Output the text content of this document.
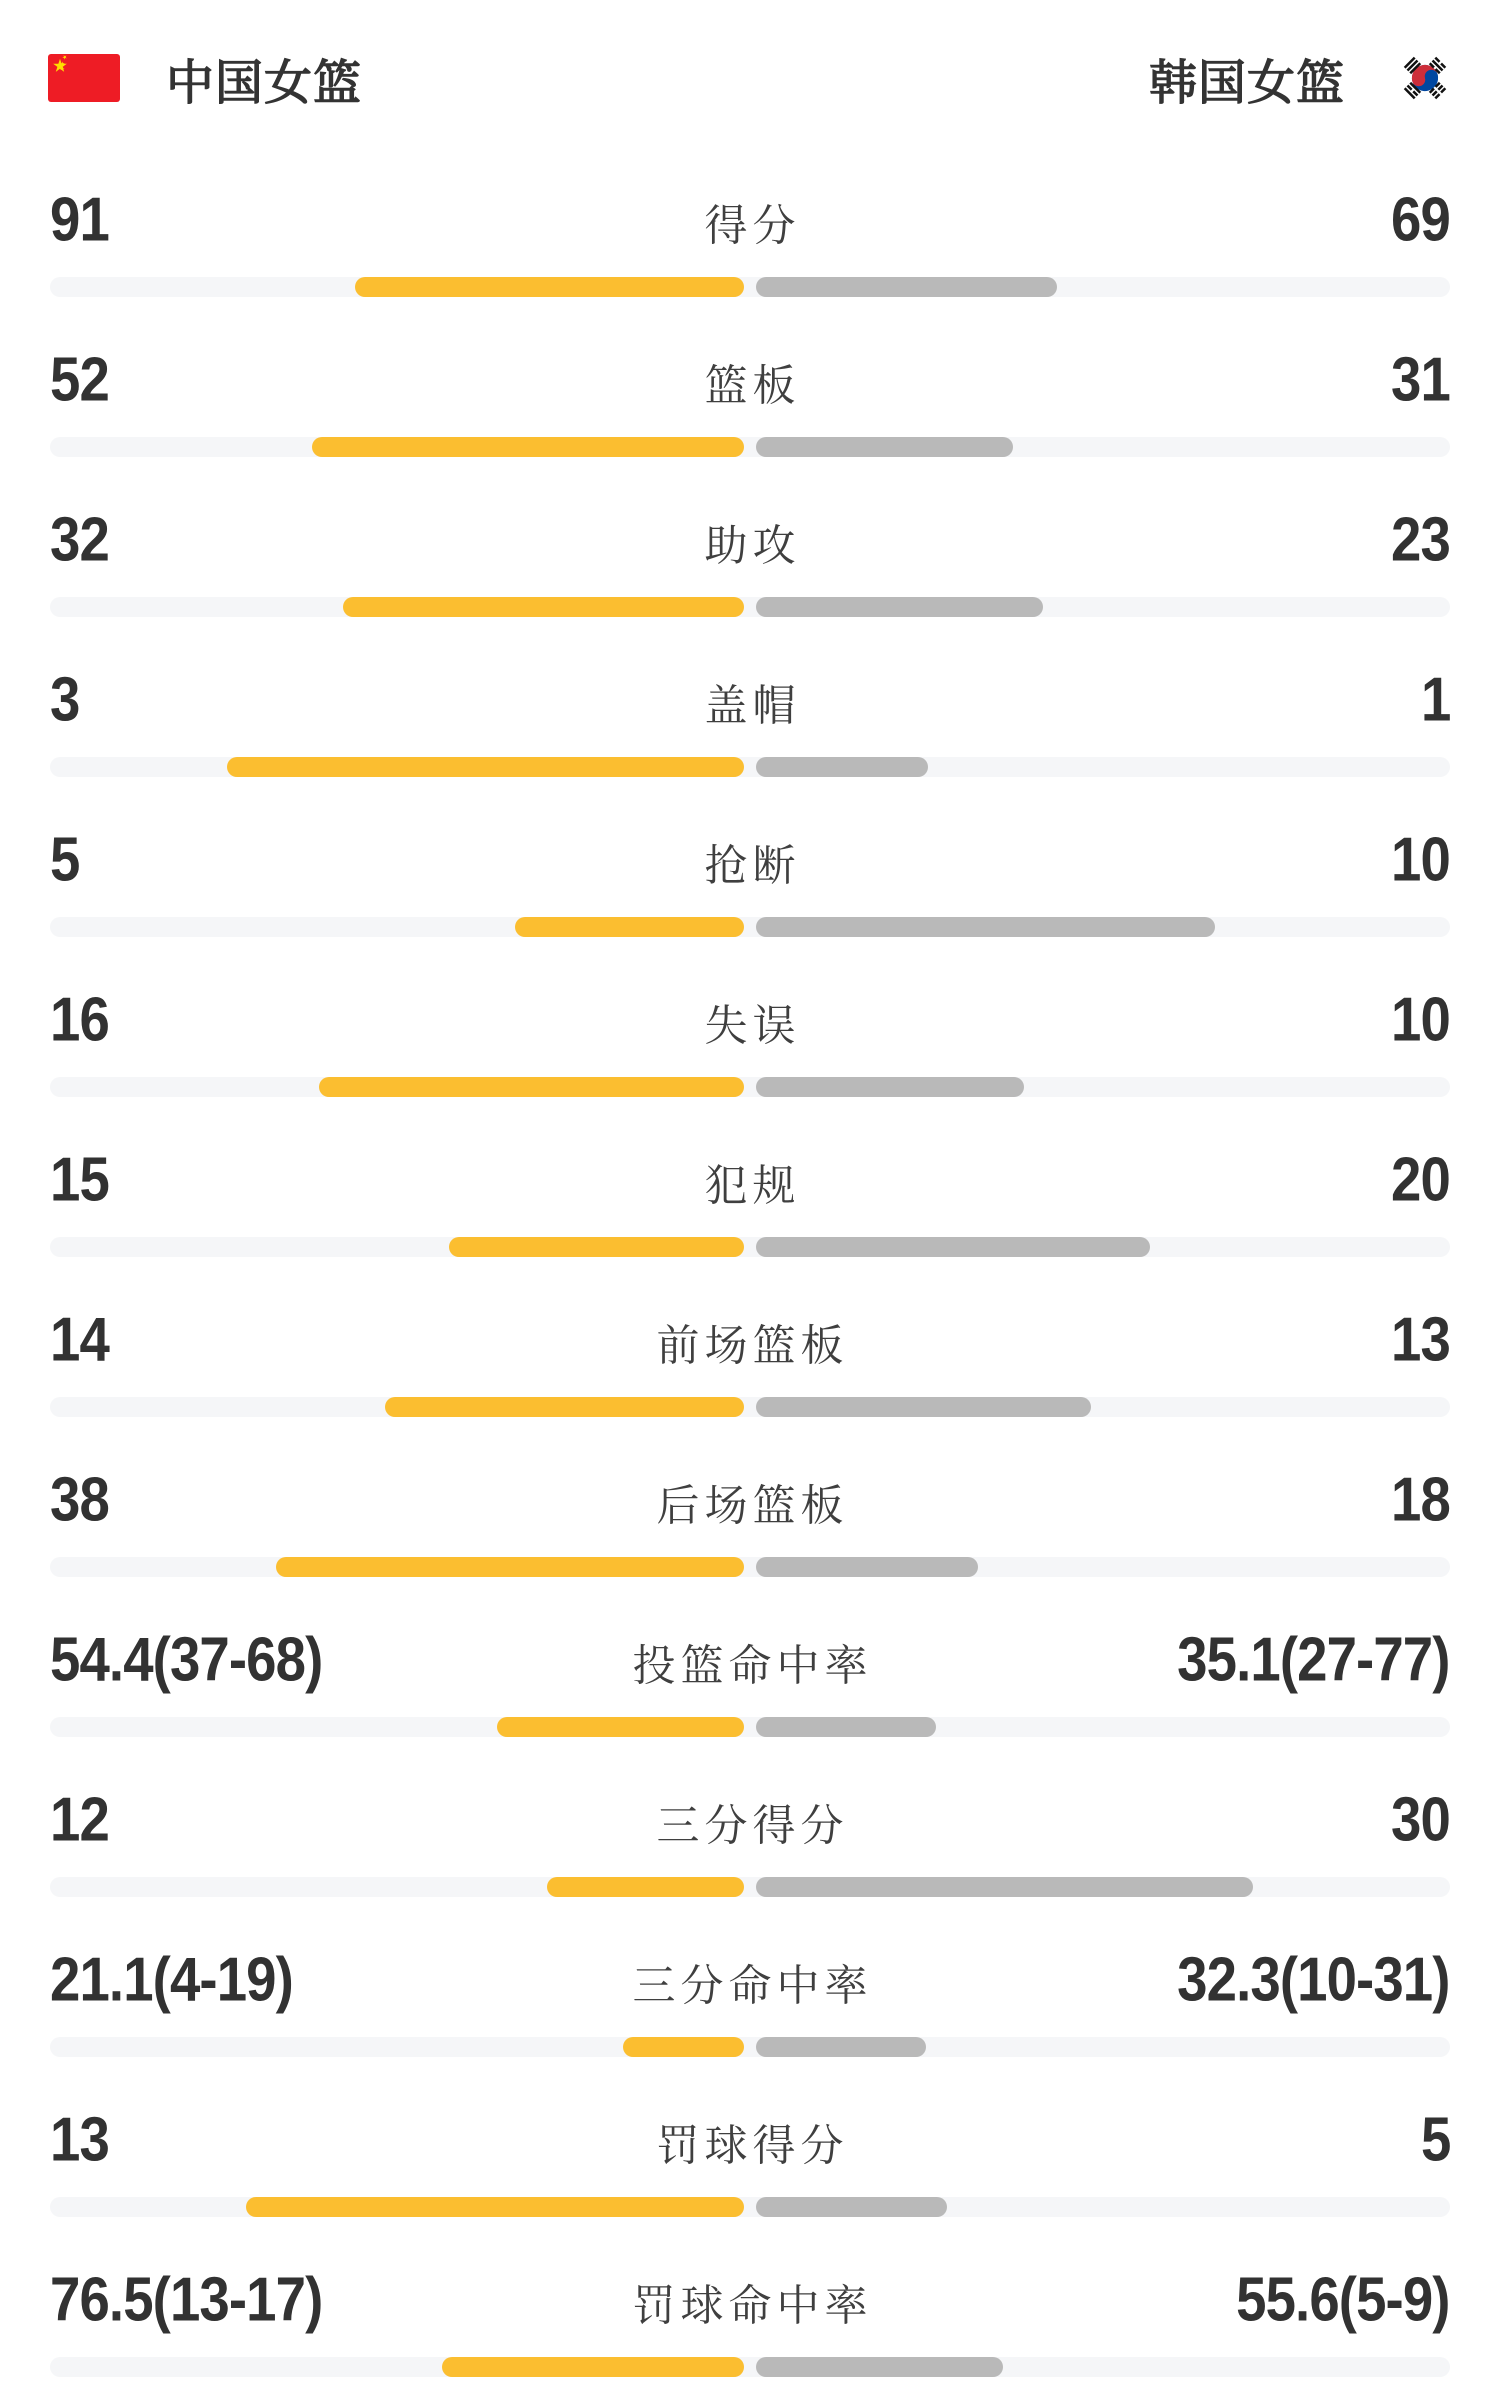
中国女篮	韩国女篮
91	得分	69
52	篮板	31
32	助攻	23
3	盖帽	1
5	抢断	10
16	失误	10
15	犯规	20
14	前场篮板	13
38	后场篮板	18
54.4(37-68)	投篮命中率	35.1(27-77)
12	三分得分	30
21.1(4-19)	三分命中率	32.3(10-31)
13	罚球得分	5
76.5(13-17)	罚球命中率	55.6(5-9)
